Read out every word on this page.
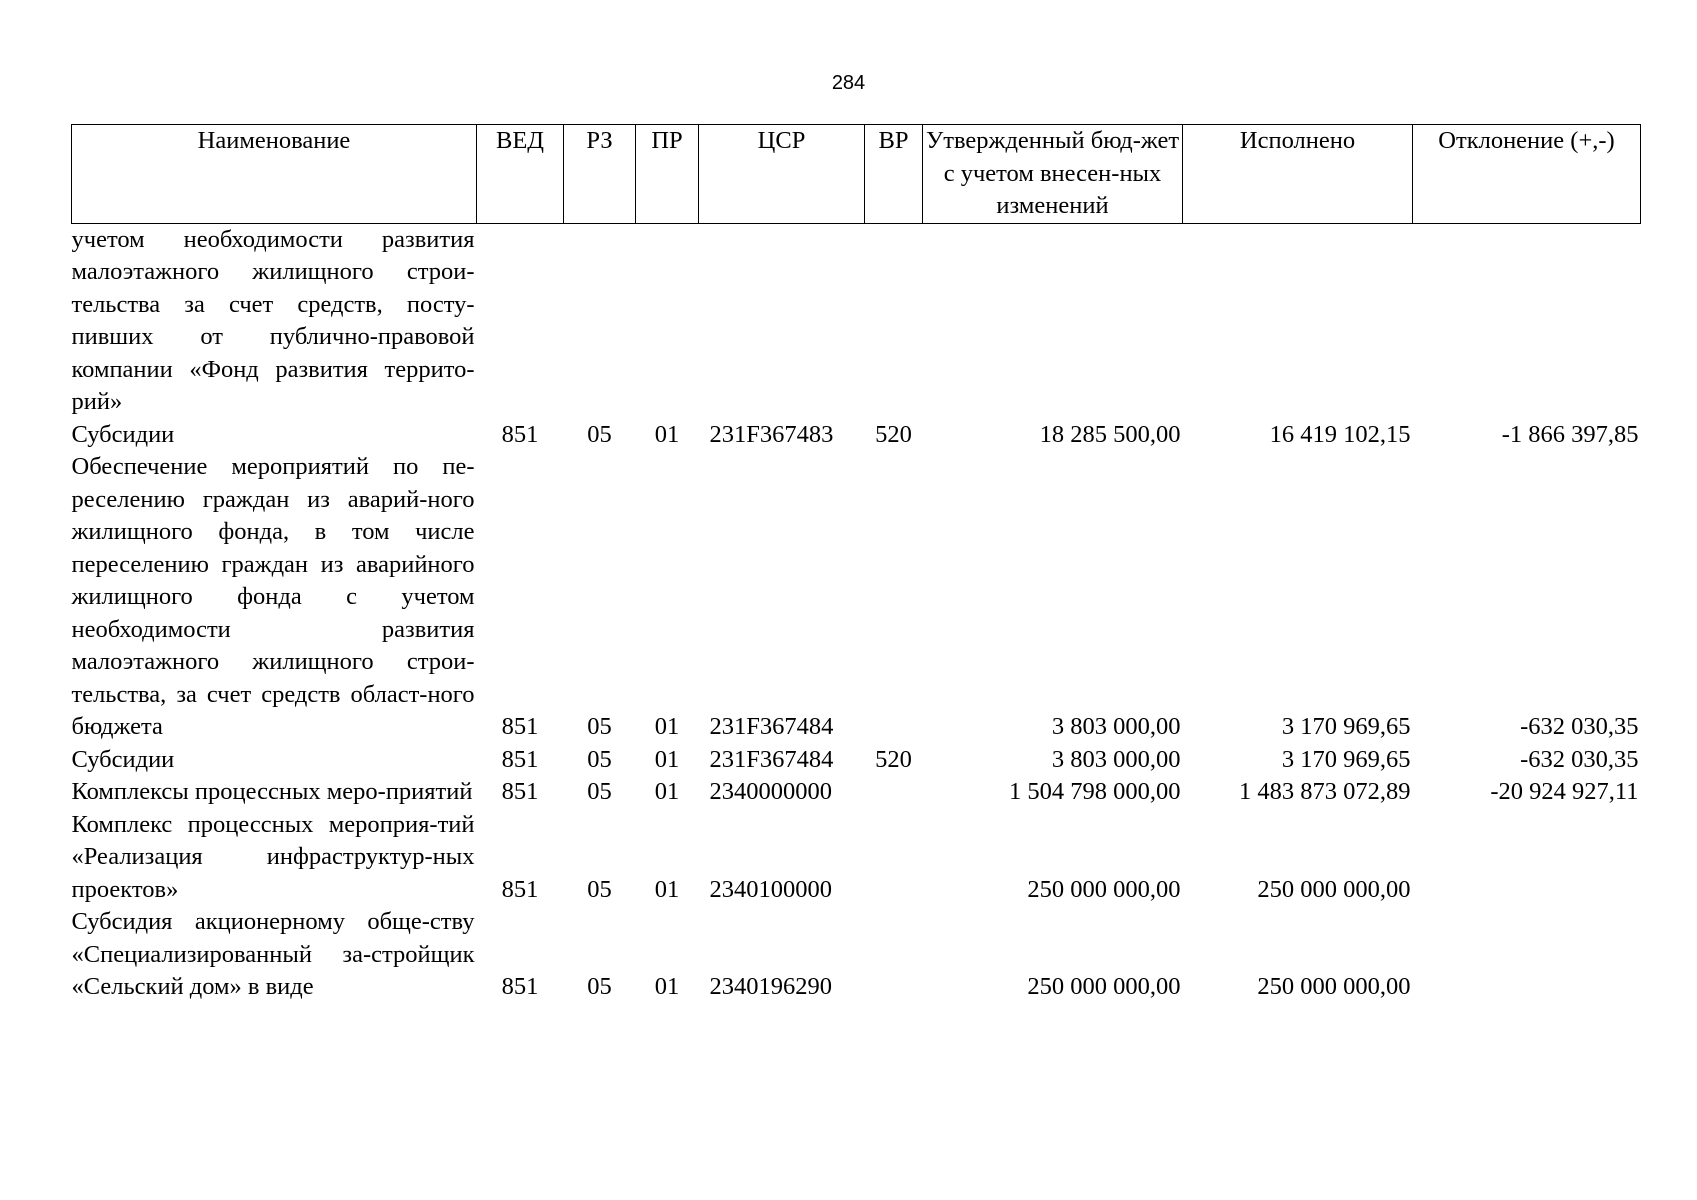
284
Наименование	ВЕД	РЗ	ПР	ЦСР	ВР	Утвержденный бюд-жет с учетом внесен-ных изменений	Исполнено	Отклонение (+,-)
учетом необходимости развития малоэтажного жилищного строи-тельства за счет средств, посту-пивших от публично-правовой компании «Фонд развития террито-рий»								
Субсидии	851	05	01	231F367483	520	18 285 500,00	16 419 102,15	-1 866 397,85
Обеспечение мероприятий по пе-реселению граждан из аварий-ного жилищного фонда, в том числе переселению граждан из аварийного жилищного фонда с учетом необходимости развития малоэтажного жилищного строи-тельства, за счет средств област-ного бюджета	851	05	01	231F367484		3 803 000,00	3 170 969,65	-632 030,35
Субсидии	851	05	01	231F367484	520	3 803 000,00	3 170 969,65	-632 030,35
Комплексы процессных меро-приятий	851	05	01	2340000000		1 504 798 000,00	1 483 873 072,89	-20 924 927,11
Комплекс процессных мероприя-тий «Реализация инфраструктур-ных проектов»	851	05	01	2340100000		250 000 000,00	250 000 000,00	
Субсидия акционерному обще-ству «Специализированный за-стройщик «Сельский дом» в виде	851	05	01	2340196290		250 000 000,00	250 000 000,00	
